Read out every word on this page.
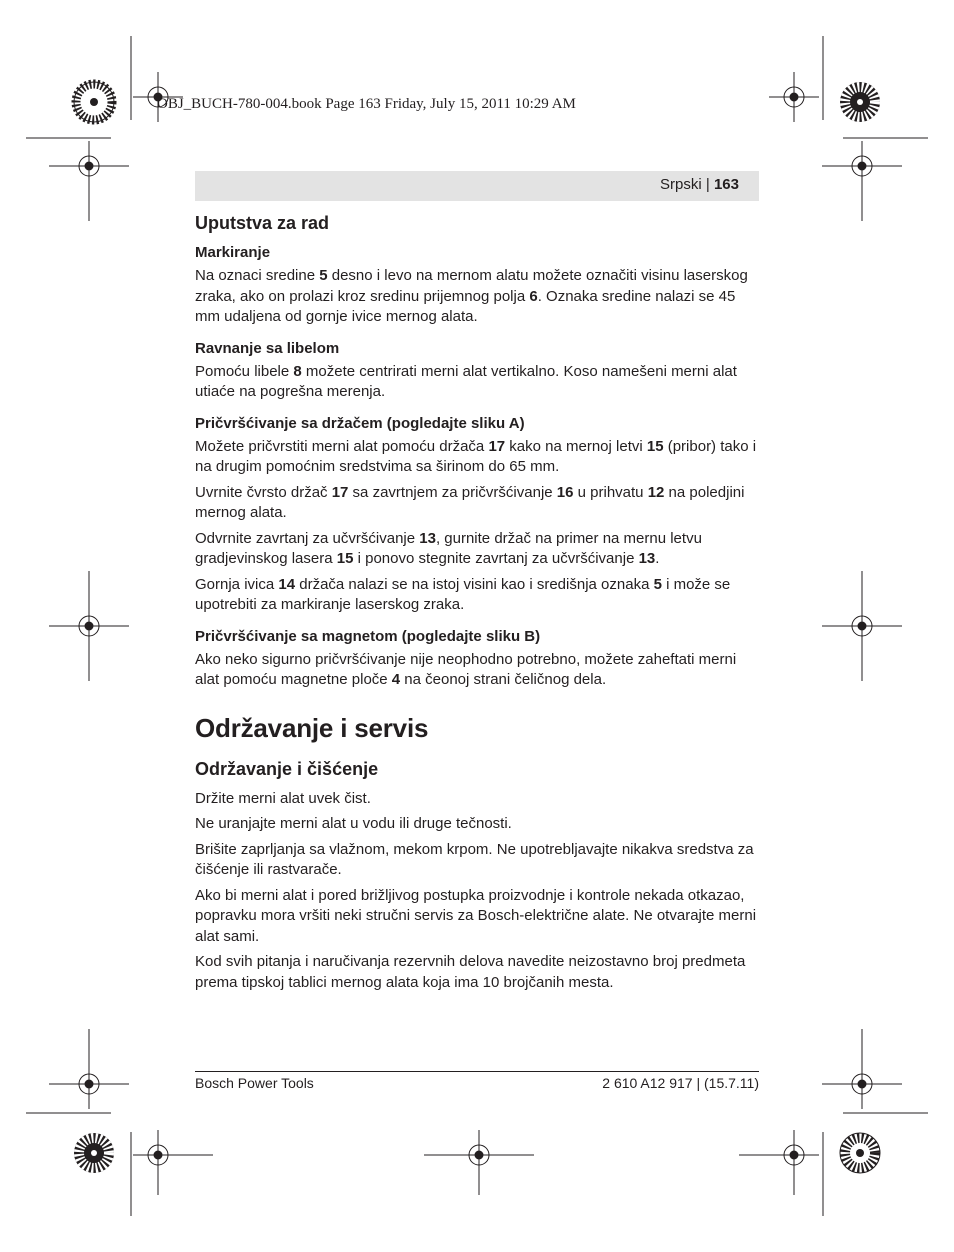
OBJ_BUCH-780-004.book Page 163 Friday, July 15, 2011 10:29 AM
Srpski | 163
Uputstva za rad
Markiranje

Na oznaci sredine 5 desno i levo na mernom alatu možete označiti visinu laserskog zraka, ako on prolazi kroz sredinu prijemnog polja 6. Oznaka sredine nalazi se 45 mm udaljena od gornje ivice mernog alata.

Ravnanje sa libelom

Pomoću libele 8 možete centrirati merni alat vertikalno. Koso namešeni merni alat utiaće na pogrešna merenja.

Pričvršćivanje sa držačem (pogledajte sliku A)

Možete pričvrstiti merni alat pomoću držača 17 kako na mernoj letvi 15 (pribor) tako i na drugim pomoćnim sredstvima sa širinom do 65 mm.

Uvrnite čvrsto držač 17 sa zavrtnjem za pričvršćivanje 16 u prihvatu 12 na poledjini mernog alata.

Odvrnite zavrtanj za učvršćivanje 13, gurnite držač na primer na mernu letvu gradjevinskog lasera 15 i ponovo stegnite zavrtanj za učvršćivanje 13.

Gornja ivica 14 držača nalazi se na istoj visini kao i središnja oznaka 5 i može se upotrebiti za markiranje laserskog zraka.

Pričvršćivanje sa magnetom (pogledajte sliku B)

Ako neko sigurno pričvršćivanje nije neophodno potrebno, možete zaheftati merni alat pomoću magnetne ploče 4 na čeonoj strani čeličnog dela.

Održavanje i servis
Održavanje i čišćenje

Držite merni alat uvek čist.

Ne uranjajte merni alat u vodu ili druge tečnosti.

Brišite zaprljanja sa vlažnom, mekom krpom. Ne upotrebljavajte nikakva sredstva za čišćenje ili rastvarače.

Ako bi merni alat i pored brižljivog postupka proizvodnje i kontrole nekada otkazao, popravku mora vršiti neki stručni servis za Bosch-električne alate. Ne otvarajte merni alat sami.

Kod svih pitanja i naručivanja rezervnih delova navedite neizostavno broj predmeta prema tipskoj tablici mernog alata koja ima 10 brojčanih mesta.

Bosch Power Tools	2 610 A12 917 | (15.7.11)
